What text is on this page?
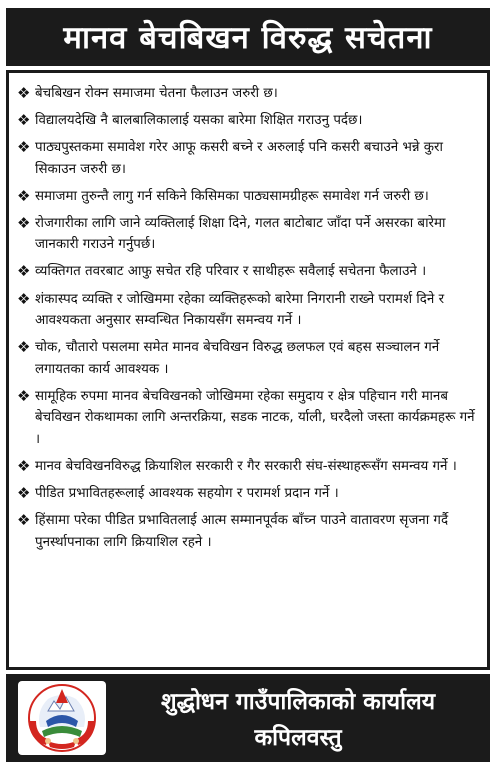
मानव बेचबिखन विरुद्ध सचेतना
❖ बेचबिखन रोक्न समाजमा चेतना फैलाउन जरुरी छ।
❖ विद्यालयदेखि नै बालबालिकालाई यसका बारेमा शिक्षित गराउनु पर्दछ।
❖ पाठ्यपुस्तकमा समावेश गरेर आफू कसरी बच्ने र अरुलाई पनि कसरी बचाउने भन्ने कुरा सिकाउन जरुरी छ।
❖ समाजमा तुरुन्तै लागु गर्न सकिने किसिमका पाठ्यसामग्रीहरू समावेश गर्न जरुरी छ।
❖ रोजगारीका लागि जाने व्यक्तिलाई शिक्षा दिने, गलत बाटोबाट जाँदा पर्ने असरका बारेमा जानकारी गराउने गर्नुपर्छ।
❖ व्यक्तिगत तवरबाट आफु सचेत रहि परिवार र साथीहरू सवैलाई सचेतना फैलाउने ।
❖ शंकास्पद व्यक्ति र जोखिममा रहेका व्यक्तिहरूको बारेमा निगरानी राख्ने परामर्श दिने र आवश्यकता अनुसार सम्वन्धित निकायसँग समन्वय गर्ने ।
❖ चोक, चौतारो पसलमा समेत मानव बेचविखन विरुद्ध छलफल एवं बहस सञ्चालन गर्ने लगायतका कार्य आवश्यक ।
❖ सामूहिक रुपमा मानव बेचविखनको जोखिममा रहेका समुदाय र क्षेत्र पहिचान गरी मानब बेचविखन रोकथामका लागि अन्तरक्रिया, सडक नाटक, र्याली, घरदैलो जस्ता कार्यक्रमहरू गर्ने ।
❖ मानव बेचविखनविरुद्ध क्रियाशिल सरकारी र गैर सरकारी संघ-संस्थाहरूसँग समन्वय गर्ने ।
❖ पीडित प्रभावितहरूलाई आवश्यक सहयोग र परामर्श प्रदान गर्ने ।
❖ हिंसामा परेका पीडित प्रभावितलाई आत्म सम्मानपूर्वक बाँच्न पाउने वातावरण सृजना गर्दै पुनर्स्थापनाका लागि क्रियाशिल रहने ।
शुद्धोधन गाउँपालिकाको कार्यालय
कपिलवस्तु
